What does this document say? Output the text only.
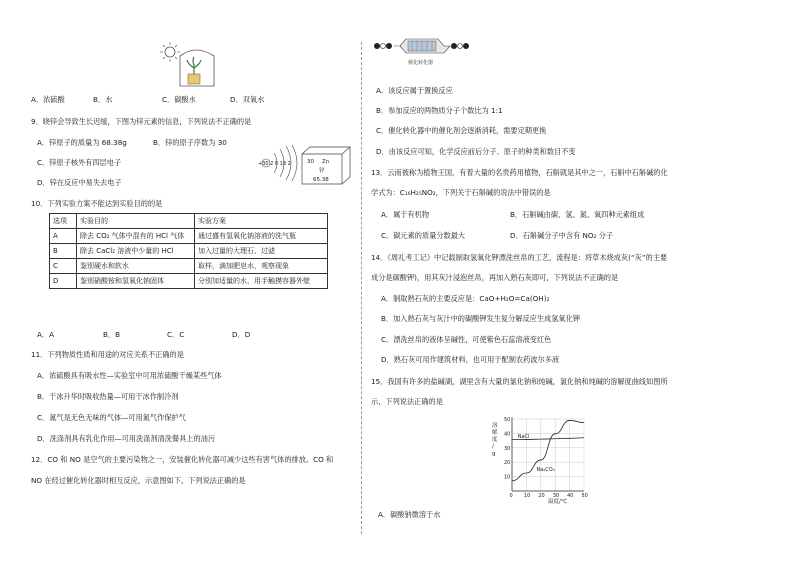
A．浓硫酸	B．水	C．碳酸水	D．双氧水
9．晓锌会导致生长迟缓，下图为锌元素的信息，下列说法不正确的是
A．锌原子的质量为 68.38g	B．锌的原子序数为 30
C．锌原子核外有四层电子
D．锌在反应中易失去电子
+30 2 8 18 2	30 Zn
锌
65.38
10．下列实验方案不能达到实验目的的是
选项	实验目的	实验方案
A	除去 CO₂ 气体中混有的 HCl 气体	通过盛有氢氧化钠溶液的洗气瓶
B	除去 CaCl₂ 溶液中少量的 HCl	加入过量的大理石、过滤
C	鉴别硬水和软水	取样，滴加肥皂水，观察现象
D	鉴别硝酸铵和氢氧化钠固体	分别加适量的水，用手触摸容器外壁
A．A	B．B	C．C	D．D
11．下列物质性质和用途的对应关系不正确的是
A．浓硫酸具有吸水性—实验室中可用浓硫酸干燥某些气体
B．干冰升华时吸收热量—可用干冰作制冷剂
C．氮气是无色无味的气体—可用氮气作保护气
D．洗涤剂具有乳化作用—可用洗涤剂清洗餐具上的油污
12．CO 和 NO 是空气的主要污染物之一，安装催化转化器可减少这些有害气体的排放。CO 和
NO 在经过催化转化器时相互反应，示意图如下。下列说法正确的是
催化转化器
A．该反应属于置换反应
B．参加反应的两物质分子个数比为 1:1
C．催化转化器中的催化剂会逐渐消耗，需要定期更换
D．由该反应可知，化学反应前后分子、原子的种类和数目不变
13．云南被称为植物王国，有着大量的名贵药用植物，石斛就是其中之一，石斛中石斛碱的化
学式为：C₁₆H₂₅NO₂，下列关于石斛碱的说法中错误的是
A．属于有机物	B．石斛碱由碳、氢、氮、氧四种元素组成
C．碳元素的质量分数最大	D．石斛碱分子中含有 NO₂ 分子
14．《周礼考工记》中记载制取氢氧化钾漂洗丝帛的工艺，流程是：将草木烧成灰(“灰”的主要
成分是碳酸钾)，用其灰汁浸泡丝帛，再加入熟石灰即可，下列说法不正确的是
A．制取熟石灰的主要反应是：CaO+H₂O=Ca(OH)₂
B．加入熟石灰与灰汁中的碳酸钾发生复分解反应生成氢氧化钾
C．漂洗丝帛的液体呈碱性，可使紫色石蕊溶液变红色
D．熟石灰可用作建筑材料，也可用于配制农药波尔多液
15．我国有许多的盐碱湖，湖里含有大量的氯化钠和纯碱，氯化钠和纯碱的溶解度曲线如图所
示，下列说法正确的是
溶
解
度
/
g
0 10 20 30 40 50
10
20
30
40
50
NaCl
Na₂CO₃
温度/℃
A．碳酸钠微溶于水
